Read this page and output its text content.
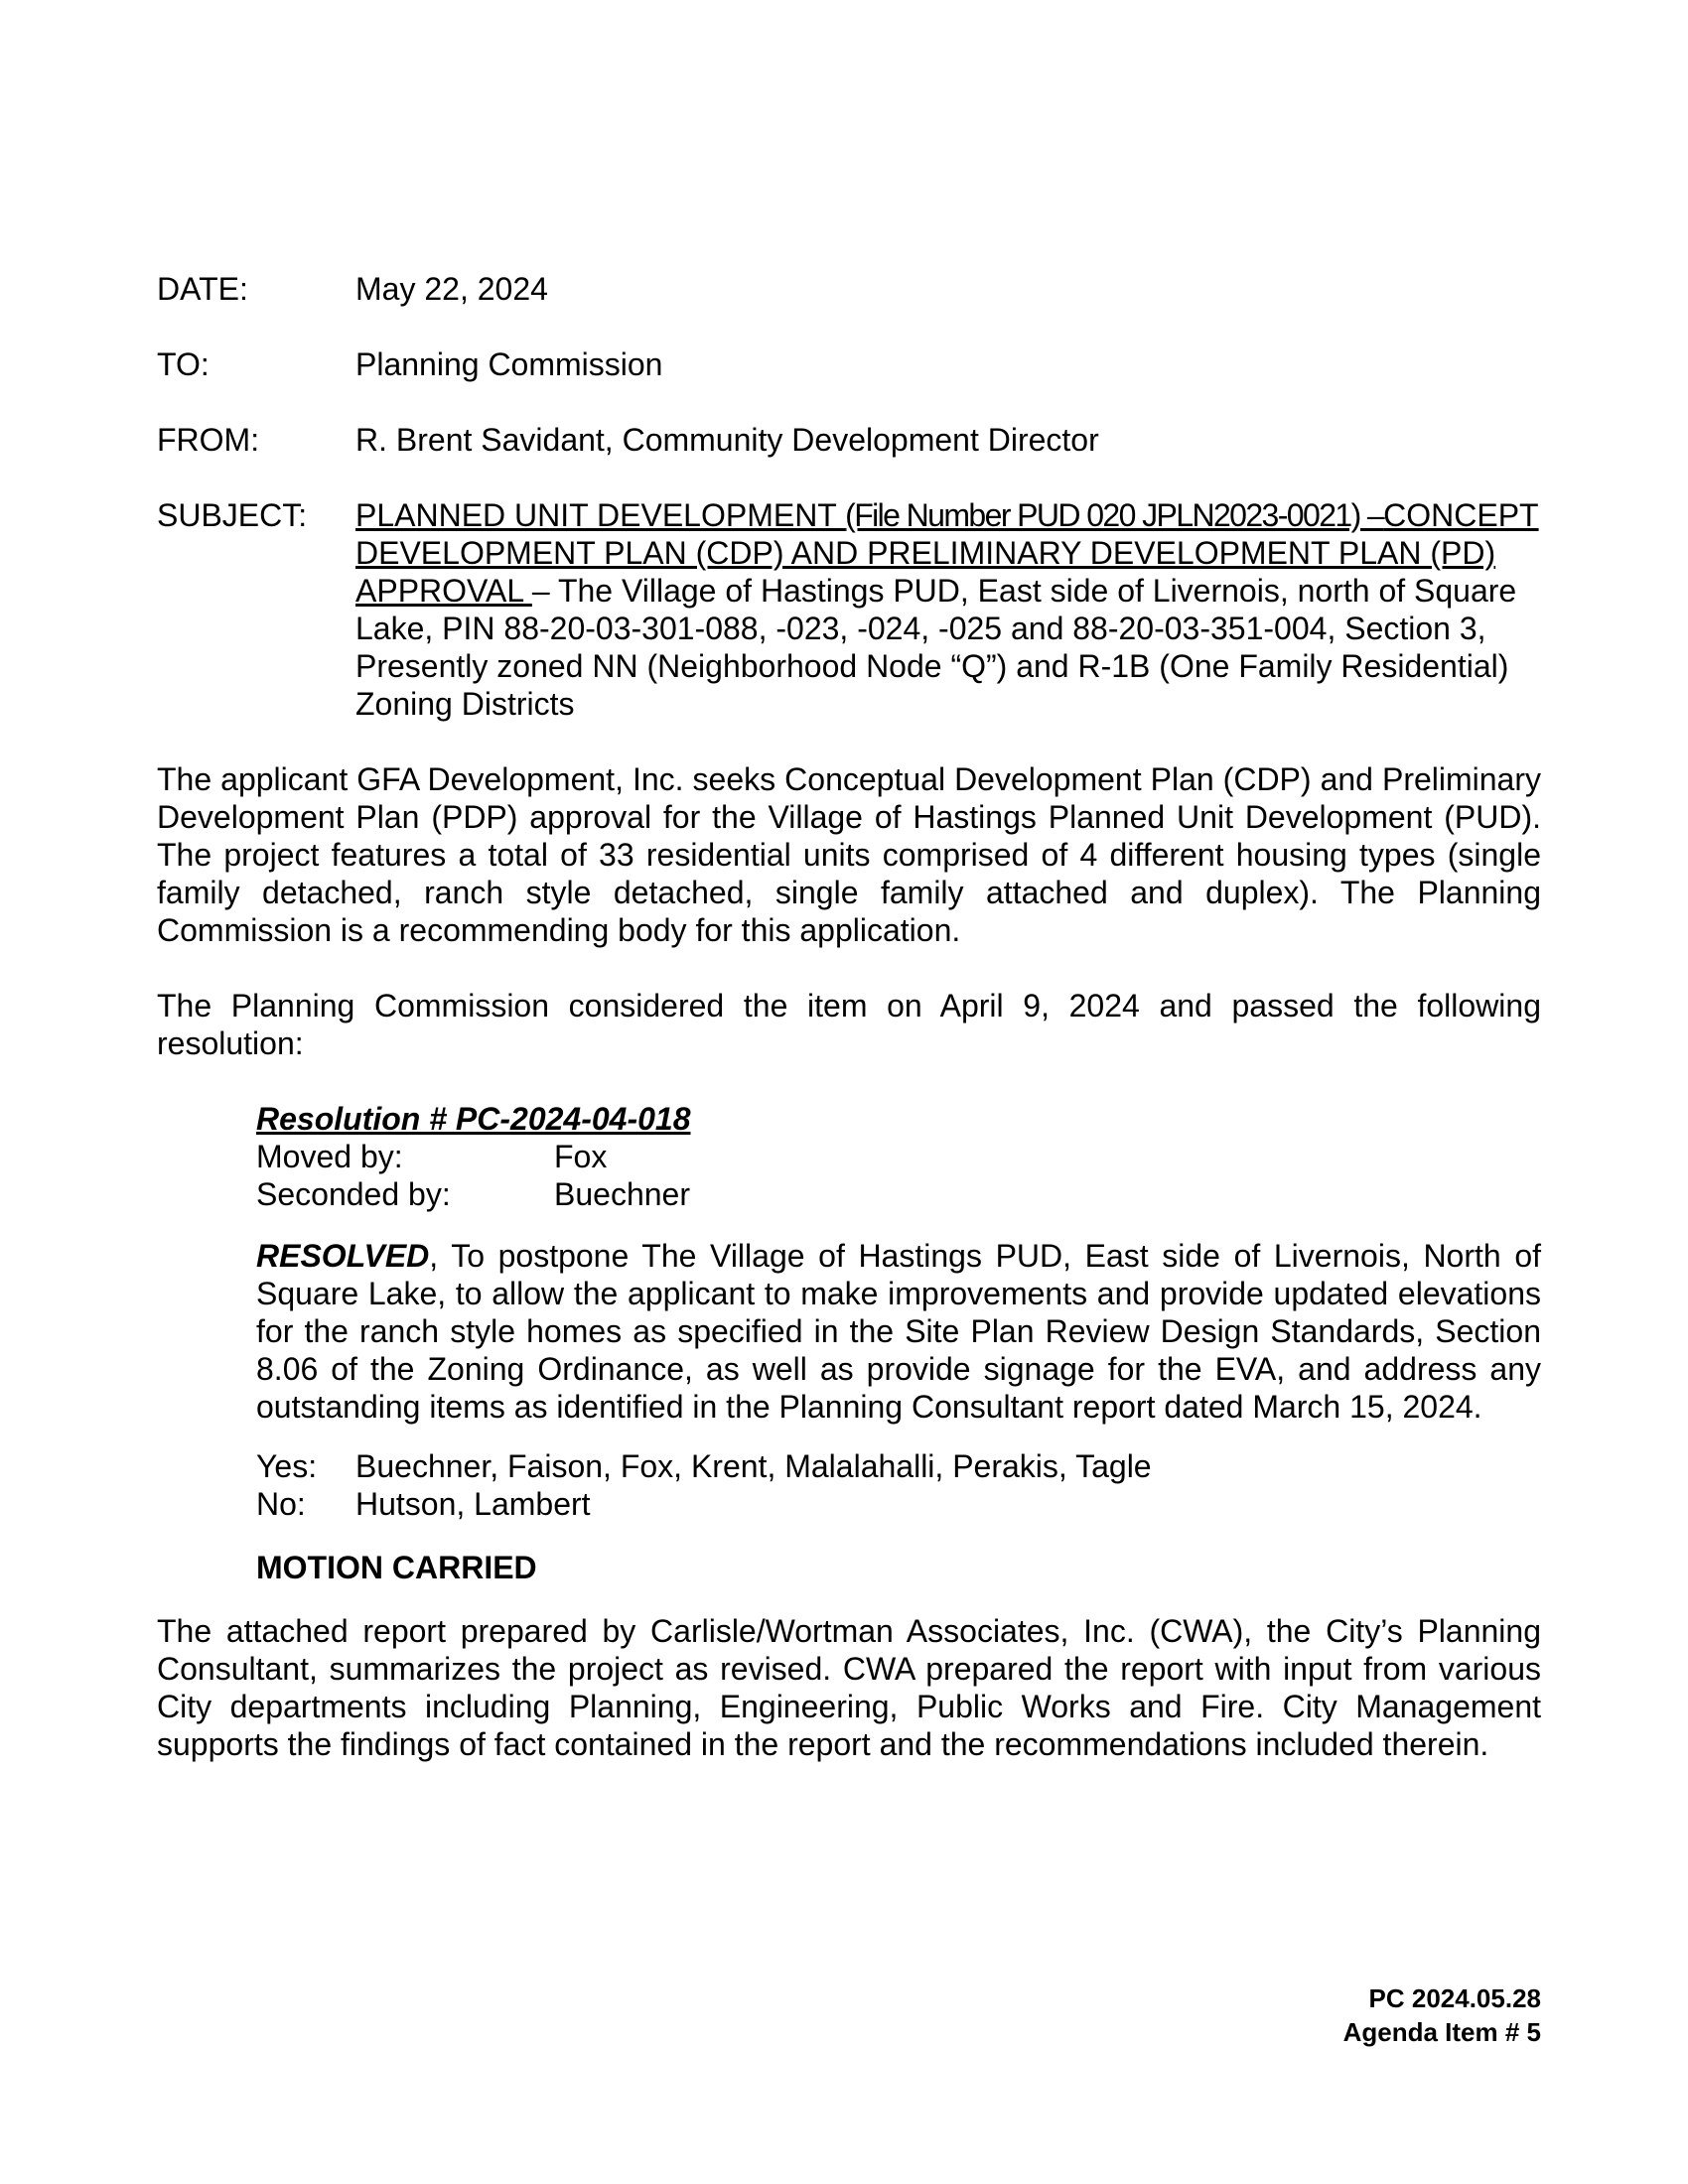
DATE:	May 22, 2024
TO:	Planning Commission
FROM:	R. Brent Savidant, Community Development Director
SUBJECT:	PLANNED UNIT DEVELOPMENT (File Number PUD 020 JPLN2023-0021) –CONCEPT DEVELOPMENT PLAN (CDP) AND PRELIMINARY DEVELOPMENT PLAN (PD) APPROVAL – The Village of Hastings PUD, East side of Livernois, north of Square Lake, PIN 88-20-03-301-088, -023, -024, -025 and 88-20-03-351-004, Section 3, Presently zoned NN (Neighborhood Node “Q”) and R-1B (One Family Residential) Zoning Districts

The applicant GFA Development, Inc. seeks Conceptual Development Plan (CDP) and Preliminary Development Plan (PDP) approval for the Village of Hastings Planned Unit Development (PUD). The project features a total of 33 residential units comprised of 4 different housing types (single family detached, ranch style detached, single family attached and duplex). The Planning Commission is a recommending body for this application.

The Planning Commission considered the item on April 9, 2024 and passed the following resolution:

Resolution # PC-2024-04-018
Moved by:	Fox
Seconded by:	Buechner
RESOLVED, To postpone The Village of Hastings PUD, East side of Livernois, North of Square Lake, to allow the applicant to make improvements and provide updated elevations for the ranch style homes as specified in the Site Plan Review Design Standards, Section 8.06 of the Zoning Ordinance, as well as provide signage for the EVA, and address any outstanding items as identified in the Planning Consultant report dated March 15, 2024.
Yes:	Buechner, Faison, Fox, Krent, Malalahalli, Perakis, Tagle
No:	Hutson, Lambert
MOTION CARRIED

The attached report prepared by Carlisle/Wortman Associates, Inc. (CWA), the City’s Planning Consultant, summarizes the project as revised. CWA prepared the report with input from various City departments including Planning, Engineering, Public Works and Fire. City Management supports the findings of fact contained in the report and the recommendations included therein.

PC 2024.05.28
Agenda Item # 5
